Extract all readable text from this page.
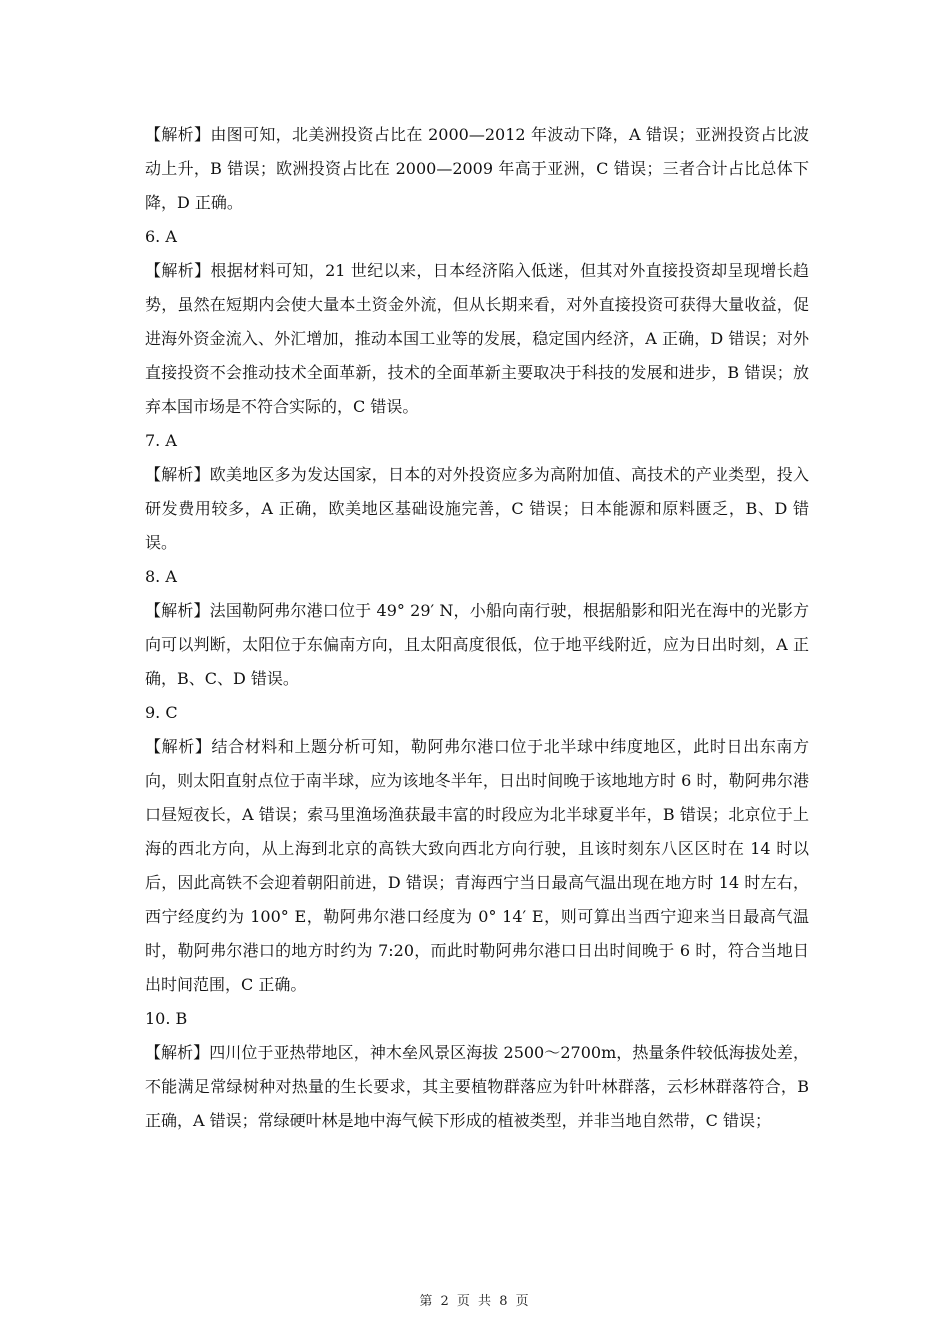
【解析】由图可知，北美洲投资占比在 2000—2012 年波动下降，A 错误；亚洲投资占比波动上升，B 错误；欧洲投资占比在 2000—2009 年高于亚洲，C 错误；三者合计占比总体下降，D 正确。

6. A

【解析】根据材料可知，21 世纪以来，日本经济陷入低迷，但其对外直接投资却呈现增长趋势，虽然在短期内会使大量本土资金外流，但从长期来看，对外直接投资可获得大量收益，促进海外资金流入、外汇增加，推动本国工业等的发展，稳定国内经济，A 正确，D 错误；对外直接投资不会推动技术全面革新，技术的全面革新主要取决于科技的发展和进步，B 错误；放弃本国市场是不符合实际的，C 错误。

7. A

【解析】欧美地区多为发达国家，日本的对外投资应多为高附加值、高技术的产业类型，投入研发费用较多，A 正确，欧美地区基础设施完善，C 错误；日本能源和原料匮乏，B、D 错误。

8. A

【解析】法国勒阿弗尔港口位于 49° 29′ N，小船向南行驶，根据船影和阳光在海中的光影方向可以判断，太阳位于东偏南方向，且太阳高度很低，位于地平线附近，应为日出时刻，A 正确，B、C、D 错误。

9. C

【解析】结合材料和上题分析可知，勒阿弗尔港口位于北半球中纬度地区，此时日出东南方向，则太阳直射点位于南半球，应为该地冬半年，日出时间晚于该地地方时 6 时，勒阿弗尔港口昼短夜长，A 错误；索马里渔场渔获最丰富的时段应为北半球夏半年，B 错误；北京位于上海的西北方向，从上海到北京的高铁大致向西北方向行驶，且该时刻东八区区时在 14 时以后，因此高铁不会迎着朝阳前进，D 错误；青海西宁当日最高气温出现在地方时 14 时左右，西宁经度约为 100° E，勒阿弗尔港口经度为 0° 14′ E，则可算出当西宁迎来当日最高气温时，勒阿弗尔港口的地方时约为 7:20，而此时勒阿弗尔港口日出时间晚于 6 时，符合当地日出时间范围，C 正确。

10. B

【解析】四川位于亚热带地区，神木垒风景区海拔 2500～2700m，热量条件较低海拔处差，不能满足常绿树种对热量的生长要求，其主要植物群落应为针叶林群落，云杉林群落符合，B 正确，A 错误；常绿硬叶林是地中海气候下形成的植被类型，并非当地自然带，C 错误；

第 2 页 共 8 页
